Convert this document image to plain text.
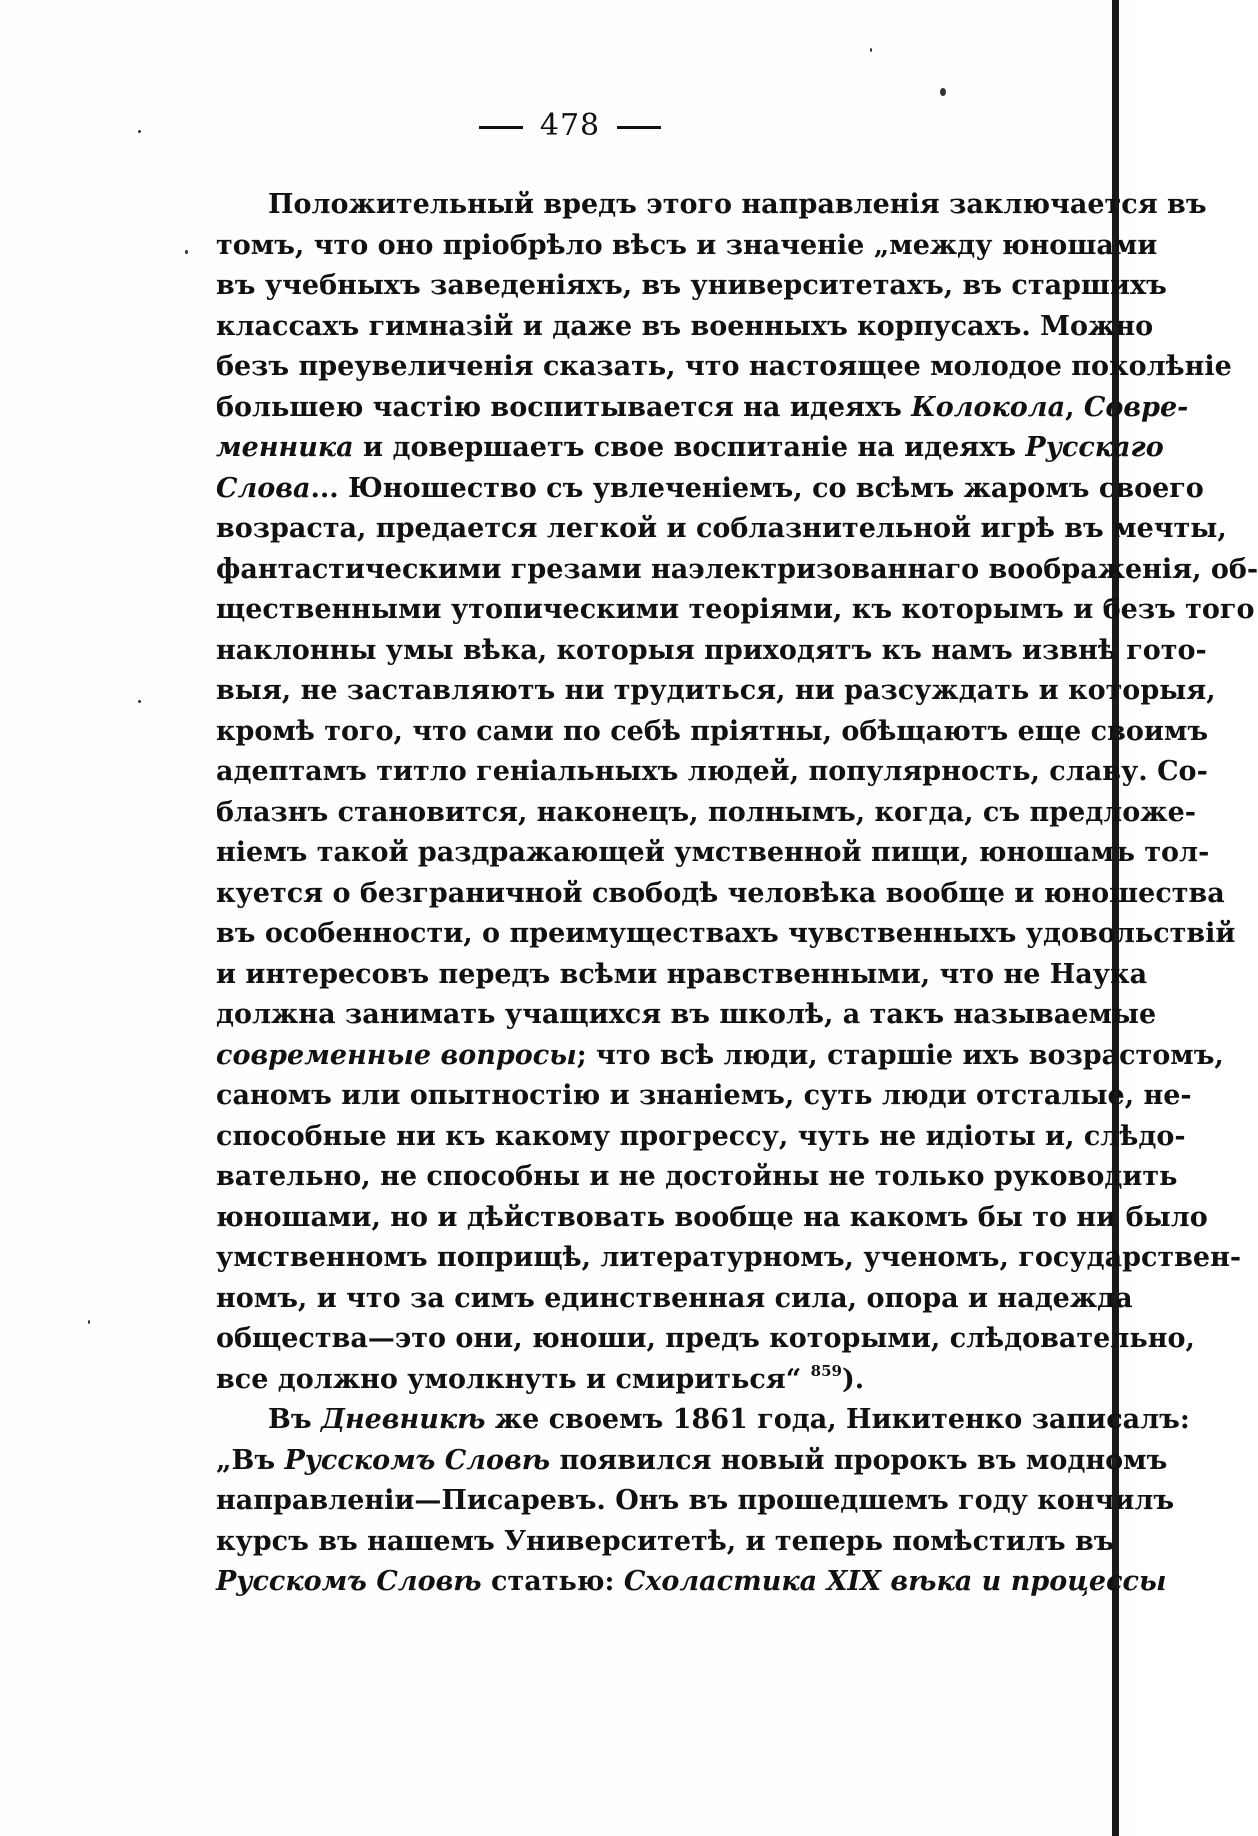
478
Положительный вредъ этого направленія заключается въ
томъ, что оно пріобрѣло вѣсъ и значеніе „между юношами
въ учебныхъ заведеніяхъ, въ университетахъ, въ старшихъ
классахъ гимназій и даже въ военныхъ корпусахъ. Можно
безъ преувеличенія сказать, что настоящее молодое поколѣніе
большею частію воспитывается на идеяхъ Колокола, Совре-
менника и довершаетъ свое воспитаніе на идеяхъ Русскаго
Слова... Юношество съ увлеченіемъ, со всѣмъ жаромъ своего
возраста, предается легкой и соблазнительной игрѣ въ мечты,
фантастическими грезами наэлектризованнаго воображенія, об-
щественными утопическими теоріями, къ которымъ и безъ того
наклонны умы вѣка, которыя приходятъ къ намъ извнѣ гото-
выя, не заставляютъ ни трудиться, ни разсуждать и которыя,
кромѣ того, что сами по себѣ пріятны, обѣщаютъ еще своимъ
адептамъ титло геніальныхъ людей, популярность, славу. Со-
блазнъ становится, наконецъ, полнымъ, когда, съ предложе-
ніемъ такой раздражающей умственной пищи, юношамъ тол-
куется о безграничной свободѣ человѣка вообще и юношества
въ особенности, о преимуществахъ чувственныхъ удовольствій
и интересовъ передъ всѣми нравственными, что не Наука
должна занимать учащихся въ школѣ, а такъ называемые
современные вопросы; что всѣ люди, старшіе ихъ возрастомъ,
саномъ или опытностію и знаніемъ, суть люди отсталые, не-
способные ни къ какому прогрессу, чуть не идіоты и, слѣдо-
вательно, не способны и не достойны не только руководить
юношами, но и дѣйствовать вообще на какомъ бы то ни было
умственномъ поприщѣ, литературномъ, ученомъ, государствен-
номъ, и что за симъ единственная сила, опора и надежда
общества—это они, юноши, предъ которыми, слѣдовательно,
все должно умолкнуть и смириться“ $^{859}$).
Въ Дневникѣ же своемъ 1861 года, Никитенко записалъ:
„Въ Русскомъ Словѣ появился новый пророкъ въ модномъ
направленіи—Писаревъ. Онъ въ прошедшемъ году кончилъ
курсъ въ нашемъ Университетѣ, и теперь помѣстилъ въ
Русскомъ Словѣ статью: Схоластика XIX вѣка и процессы
